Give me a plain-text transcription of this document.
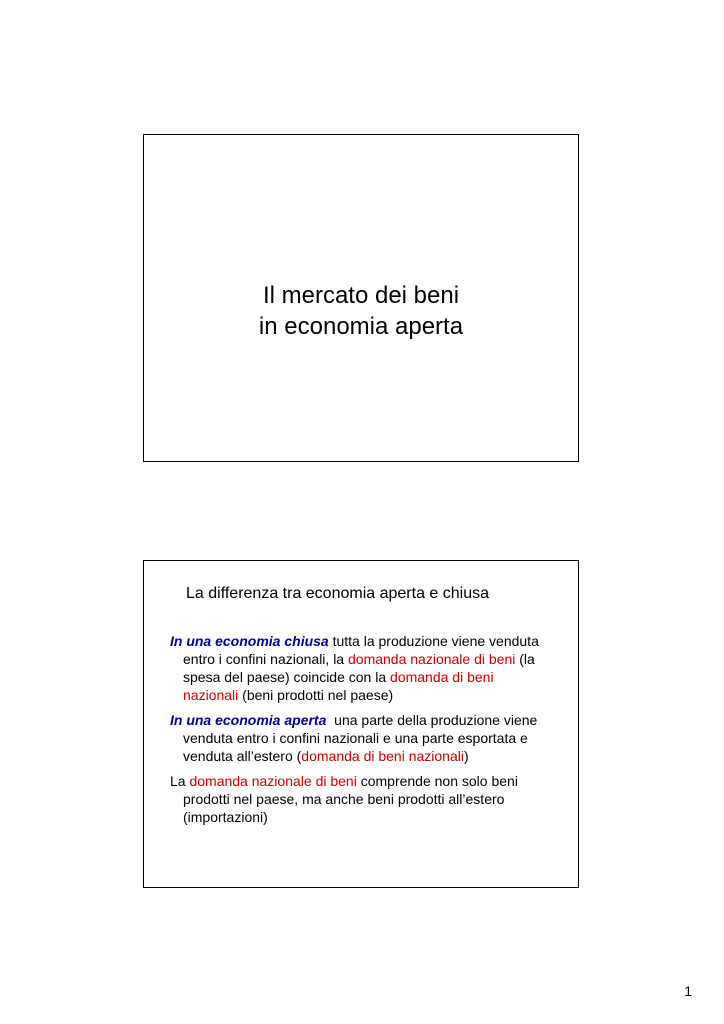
Il mercato dei beni
in economia aperta
La differenza tra economia aperta e chiusa
In una economia chiusa tutta la produzione viene venduta
entro i confini nazionali, la domanda nazionale di beni (la
spesa del paese) coincide con la domanda di beni
nazionali (beni prodotti nel paese)
In una economia aperta  una parte della produzione viene
venduta entro i confini nazionali e una parte esportata e
venduta all’estero (domanda di beni nazionali)
La domanda nazionale di beni comprende non solo beni
prodotti nel paese, ma anche beni prodotti all’estero
(importazioni)
1
